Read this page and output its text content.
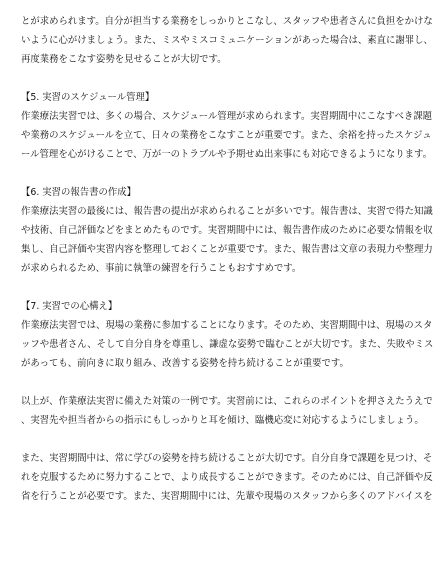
とが求められます。自分が担当する業務をしっかりとこなし、スタッフや患者さんに負担をかけな
いように心がけましょう。また、ミスやミスコミュニケーションがあった場合は、素直に謝罪し、
再度業務をこなす姿勢を見せることが大切です。
【5. 実習のスケジュール管理】
作業療法実習では、多くの場合、スケジュール管理が求められます。実習期間中にこなすべき課題
や業務のスケジュールを立て、日々の業務をこなすことが重要です。また、余裕を持ったスケジュ
ール管理を心がけることで、万が一のトラブルや予期せぬ出来事にも対応できるようになります。
【6. 実習の報告書の作成】
作業療法実習の最後には、報告書の提出が求められることが多いです。報告書は、実習で得た知識
や技術、自己評価などをまとめたものです。実習期間中には、報告書作成のために必要な情報を収
集し、自己評価や実習内容を整理しておくことが重要です。また、報告書は文章の表現力や整理力
が求められるため、事前に執筆の練習を行うこともおすすめです。
【7. 実習での心構え】
作業療法実習では、現場の業務に参加することになります。そのため、実習期間中は、現場のスタ
ッフや患者さん、そして自分自身を尊重し、謙虚な姿勢で臨むことが大切です。また、失敗やミス
があっても、前向きに取り組み、改善する姿勢を持ち続けることが重要です。
以上が、作業療法実習に備えた対策の一例です。実習前には、これらのポイントを押さえたうえで
、実習先や担当者からの指示にもしっかりと耳を傾け、臨機応変に対応するようにしましょう。
また、実習期間中は、常に学びの姿勢を持ち続けることが大切です。自分自身で課題を見つけ、そ
れを克服するために努力することで、より成長することができます。そのためには、自己評価や反
省を行うことが必要です。また、実習期間中には、先輩や現場のスタッフから多くのアドバイスを
